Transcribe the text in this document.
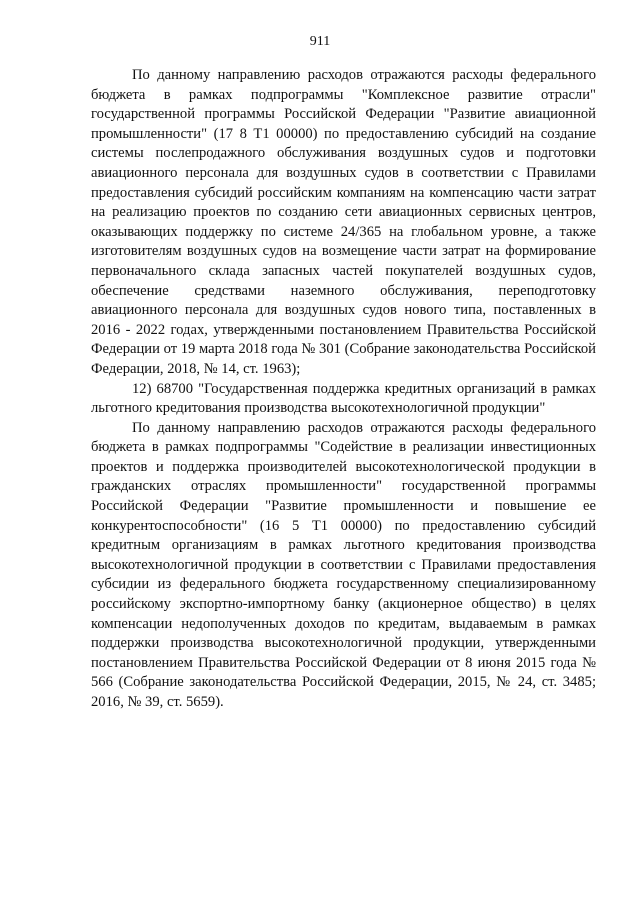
911

По данному направлению расходов отражаются расходы федерального бюджета в рамках подпрограммы "Комплексное развитие отрасли" государственной программы Российской Федерации "Развитие авиационной промышленности" (17 8 Т1 00000) по предоставлению субсидий на создание системы послепродажного обслуживания воздушных судов и подготовки авиационного персонала для воздушных судов в соответствии с Правилами предоставления субсидий российским компаниям на компенсацию части затрат на реализацию проектов по созданию сети авиационных сервисных центров, оказывающих поддержку по системе 24/365 на глобальном уровне, а также изготовителям воздушных судов на возмещение части затрат на формирование первоначального склада запасных частей покупателей воздушных судов, обеспечение средствами наземного обслуживания, переподготовку авиационного персонала для воздушных судов нового типа, поставленных в 2016 - 2022 годах, утвержденными постановлением Правительства Российской Федерации от 19 марта 2018 года № 301 (Собрание законодательства Российской Федерации, 2018, № 14, ст. 1963);

12) 68700 "Государственная поддержка кредитных организаций в рамках льготного кредитования производства высокотехнологичной продукции"

По данному направлению расходов отражаются расходы федерального бюджета в рамках подпрограммы "Содействие в реализации инвестиционных проектов и поддержка производителей высокотехнологической продукции в гражданских отраслях промышленности" государственной программы Российской Федерации "Развитие промышленности и повышение ее конкурентоспособности" (16 5 Т1 00000) по предоставлению субсидий кредитным организациям в рамках льготного кредитования производства высокотехнологичной продукции в соответствии с Правилами предоставления субсидии из федерального бюджета государственному специализированному российскому экспортно-импортному банку (акционерное общество) в целях компенсации недополученных доходов по кредитам, выдаваемым в рамках поддержки производства высокотехнологичной продукции, утвержденными постановлением Правительства Российской Федерации от 8 июня 2015 года № 566 (Собрание законодательства Российской Федерации, 2015, № 24, ст. 3485; 2016, № 39, ст. 5659).
